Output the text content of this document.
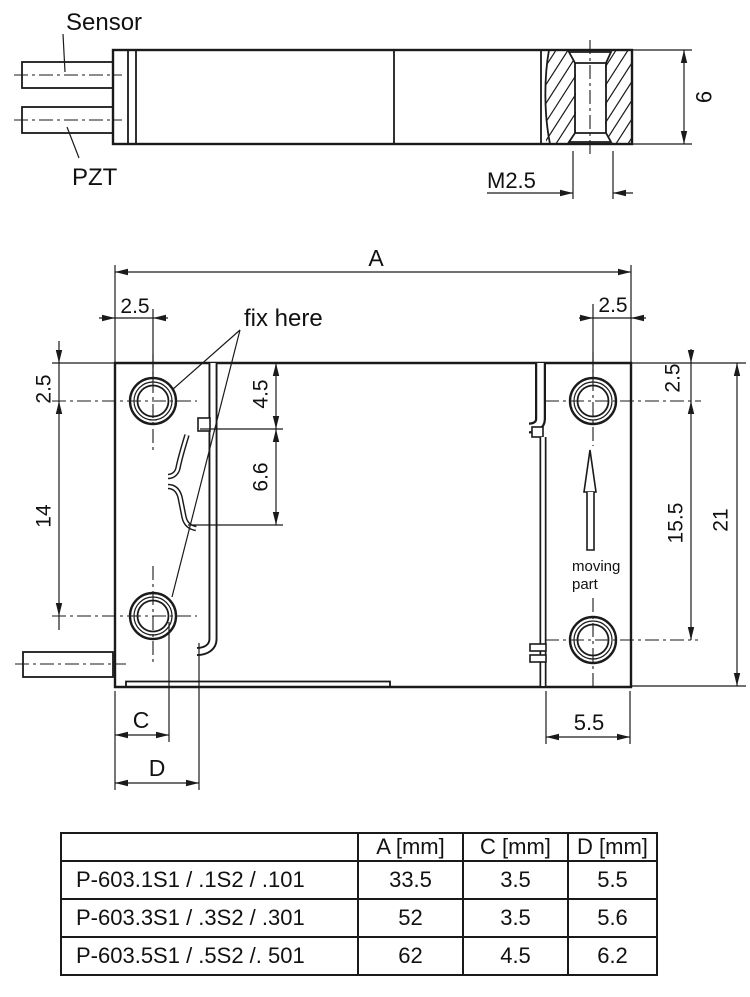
6
M2.5
Sensor
PZT
moving
part
fix here
A
2.5	2.5
2.5
14
2.5
15.5 21
4.5
6.6
5.5
C
D
	A [mm]	C [mm]	D [mm]
P-603.1S1 / .1S2 / .101	33.5	3.5	5.5
P-603.3S1 / .3S2 / .301	52	3.5	5.6
P-603.5S1 / .5S2 /. 501	62	4.5	6.2
